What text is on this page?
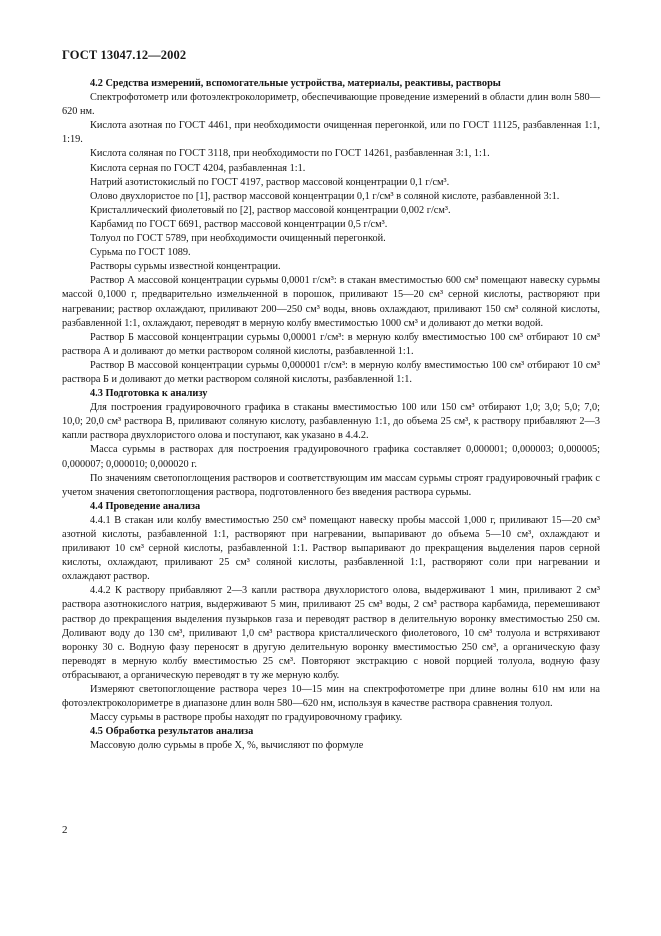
ГОСТ 13047.12—2002

4.2 Средства измерений, вспомогательные устройства, материалы, реактивы, растворы

Спектрофотометр или фотоэлектроколориметр, обеспечивающие проведение измерений в области длин волн 580—620 нм.

Кислота азотная по ГОСТ 4461, при необходимости очищенная перегонкой, или по ГОСТ 11125, разбавленная 1:1, 1:19.

Кислота соляная по ГОСТ 3118, при необходимости по ГОСТ 14261, разбавленная 3:1, 1:1.

Кислота серная по ГОСТ 4204, разбавленная 1:1.

Натрий азотистокислый по ГОСТ 4197, раствор массовой концентрации 0,1 г/см³.

Олово двухлористое по [1], раствор массовой концентрации 0,1 г/см³ в соляной кислоте, разбавленной 3:1.

Кристаллический фиолетовый по [2], раствор массовой концентрации 0,002 г/см³.

Карбамид по ГОСТ 6691, раствор массовой концентрации 0,5 г/см³.

Толуол по ГОСТ 5789, при необходимости очищенный перегонкой.

Сурьма по ГОСТ 1089.

Растворы сурьмы известной концентрации.

Раствор А массовой концентрации сурьмы 0,0001 г/см³: в стакан вместимостью 600 см³ помещают навеску сурьмы массой 0,1000 г, предварительно измельченной в порошок, приливают 15—20 см³ серной кислоты, растворяют при нагревании; раствор охлаждают, приливают 200—250 см³ воды, вновь охлаждают, приливают 150 см³ соляной кислоты, разбавленной 1:1, охлаждают, переводят в мерную колбу вместимостью 1000 см³ и доливают до метки водой.

Раствор Б массовой концентрации сурьмы 0,00001 г/см³: в мерную колбу вместимостью 100 см³ отбирают 10 см³ раствора А и доливают до метки раствором соляной кислоты, разбавленной 1:1.

Раствор В массовой концентрации сурьмы 0,000001 г/см³: в мерную колбу вместимостью 100 см³ отбирают 10 см³ раствора Б и доливают до метки раствором соляной кислоты, разбавленной 1:1.

4.3 Подготовка к анализу

Для построения градуировочного графика в стаканы вместимостью 100 или 150 см³ отбирают 1,0; 3,0; 5,0; 7,0; 10,0; 20,0 см³ раствора В, приливают соляную кислоту, разбавленную 1:1, до объема 25 см³, к раствору прибавляют 2—3 капли раствора двухлористого олова и поступают, как указано в 4.4.2.

Масса сурьмы в растворах для построения градуировочного графика составляет 0,000001; 0,000003; 0,000005; 0,000007; 0,000010; 0,000020 г.

По значениям светопоглощения растворов и соответствующим им массам сурьмы строят градуировочный график с учетом значения светопоглощения раствора, подготовленного без введения раствора сурьмы.

4.4 Проведение анализа

4.4.1 В стакан или колбу вместимостью 250 см³ помещают навеску пробы массой 1,000 г, приливают 15—20 см³ азотной кислоты, разбавленной 1:1, растворяют при нагревании, выпаривают до объема 5—10 см³, охлаждают и приливают 10 см³ серной кислоты, разбавленной 1:1. Раствор выпаривают до прекращения выделения паров серной кислоты, охлаждают, приливают 25 см³ соляной кислоты, разбавленной 1:1, растворяют соли при нагревании и охлаждают раствор.

4.4.2 К раствору прибавляют 2—3 капли раствора двухлористого олова, выдерживают 1 мин, приливают 2 см³ раствора азотнокислого натрия, выдерживают 5 мин, приливают 25 см³ воды, 2 см³ раствора карбамида, перемешивают раствор до прекращения выделения пузырьков газа и переводят раствор в делительную воронку вместимостью 250 см. Доливают воду до 130 см³, приливают 1,0 см³ раствора кристаллического фиолетового, 10 см³ толуола и встряхивают воронку 30 с. Водную фазу переносят в другую делительную воронку вместимостью 250 см³, а органическую фазу переводят в мерную колбу вместимостью 25 см³. Повторяют экстракцию с новой порцией толуола, водную фазу отбрасывают, а органическую переводят в ту же мерную колбу.

Измеряют светопоглощение раствора через 10—15 мин на спектрофотометре при длине волны 610 нм или на фотоэлектроколориметре в диапазоне длин волн 580—620 нм, используя в качестве раствора сравнения толуол.

Массу сурьмы в растворе пробы находят по градуировочному графику.

4.5 Обработка результатов анализа

Массовую долю сурьмы в пробе X, %, вычисляют по формуле

2
